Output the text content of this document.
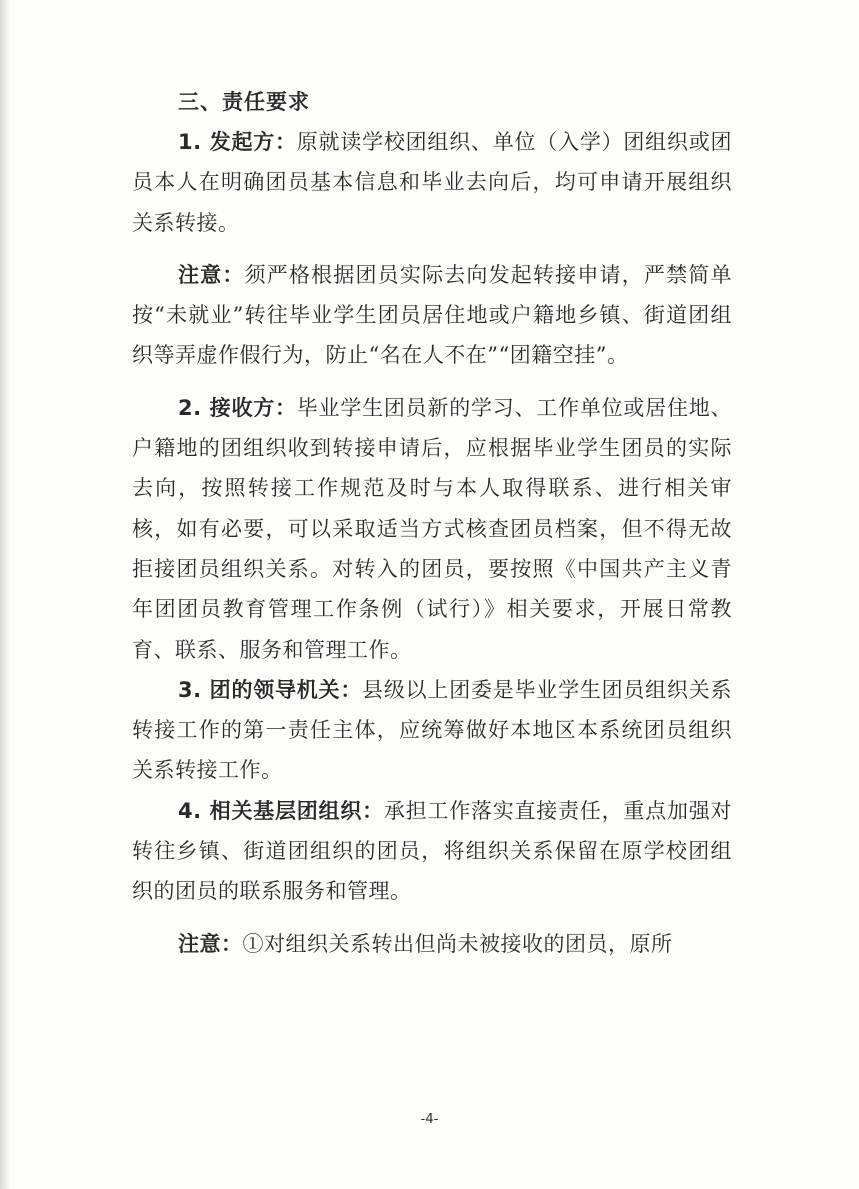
三、责任要求

1. 发起方：原就读学校团组织、单位（入学）团组织或团员本人在明确团员基本信息和毕业去向后，均可申请开展组织关系转接。

注意：须严格根据团员实际去向发起转接申请，严禁简单按“未就业”转往毕业学生团员居住地或户籍地乡镇、街道团组织等弄虚作假行为，防止“名在人不在”“团籍空挂”。

2. 接收方：毕业学生团员新的学习、工作单位或居住地、户籍地的团组织收到转接申请后，应根据毕业学生团员的实际去向，按照转接工作规范及时与本人取得联系、进行相关审核，如有必要，可以采取适当方式核查团员档案，但不得无故拒接团员组织关系。对转入的团员，要按照《中国共产主义青年团团员教育管理工作条例（试行）》相关要求，开展日常教育、联系、服务和管理工作。

3. 团的领导机关：县级以上团委是毕业学生团员组织关系转接工作的第一责任主体，应统筹做好本地区本系统团员组织关系转接工作。

4. 相关基层团组织：承担工作落实直接责任，重点加强对转往乡镇、街道团组织的团员，将组织关系保留在原学校团组织的团员的联系服务和管理。

注意：①对组织关系转出但尚未被接收的团员，原所

-4-
